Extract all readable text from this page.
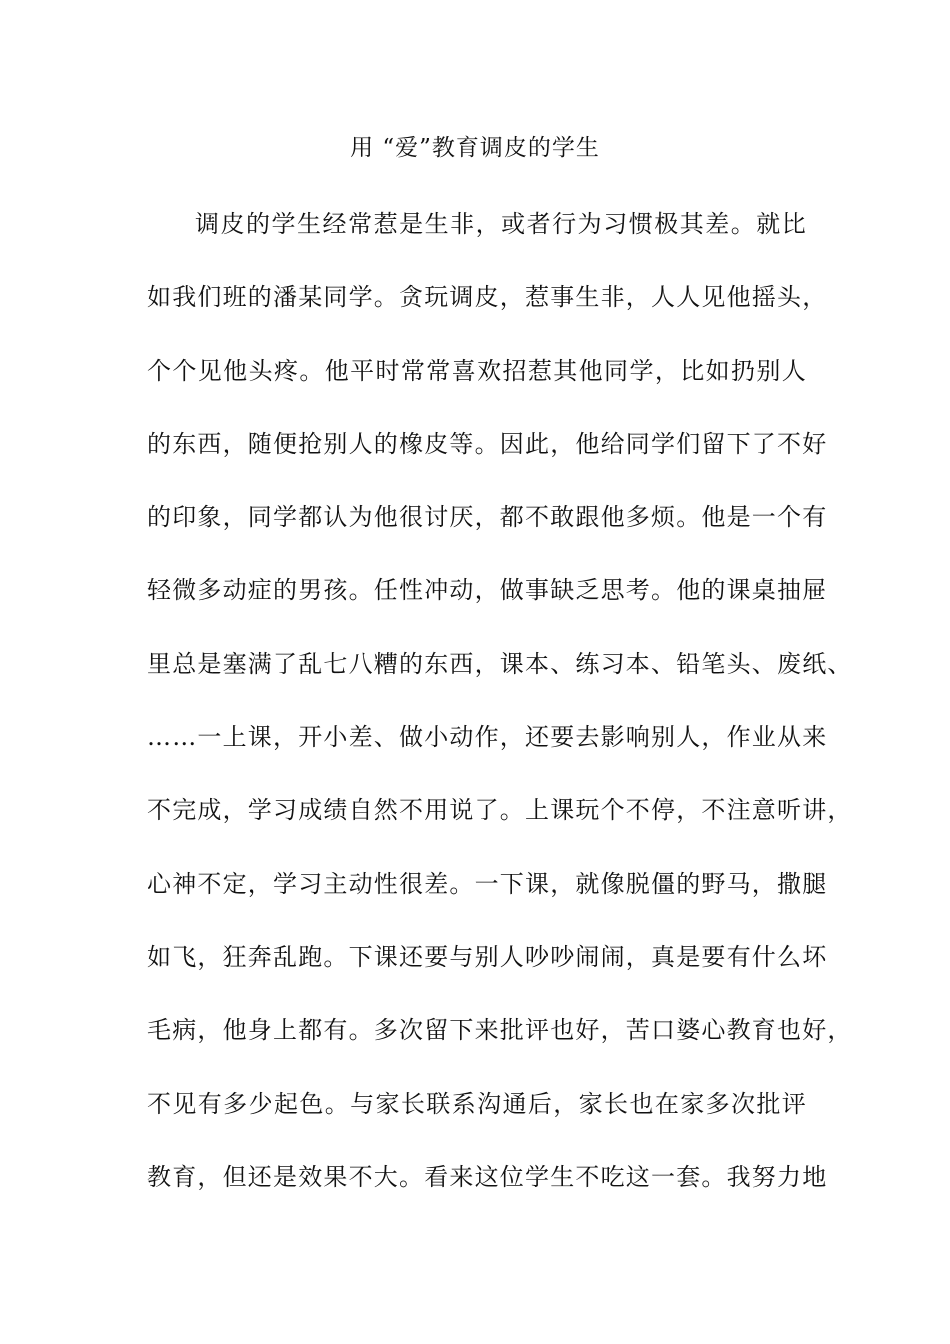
用 “爱”教育调皮的学生
调皮的学生经常惹是生非，或者行为习惯极其差。就比
如我们班的潘某同学。贪玩调皮，惹事生非，人人见他摇头，
个个见他头疼。他平时常常喜欢招惹其他同学，比如扔别人
的东西，随便抢别人的橡皮等。因此，他给同学们留下了不好
的印象，同学都认为他很讨厌，都不敢跟他多烦。他是一个有
轻微多动症的男孩。任性冲动，做事缺乏思考。他的课桌抽屉
里总是塞满了乱七八糟的东西，课本、练习本、铅笔头、废纸、
……一上课，开小差、做小动作，还要去影响别人，作业从来
不完成，学习成绩自然不用说了。上课玩个不停，不注意听讲，
心神不定，学习主动性很差。一下课，就像脱僵的野马，撒腿
如飞，狂奔乱跑。下课还要与别人吵吵闹闹，真是要有什么坏
毛病，他身上都有。多次留下来批评也好，苦口婆心教育也好，
不见有多少起色。与家长联系沟通后，家长也在家多次批评
教育，但还是效果不大。看来这位学生不吃这一套。我努力地
